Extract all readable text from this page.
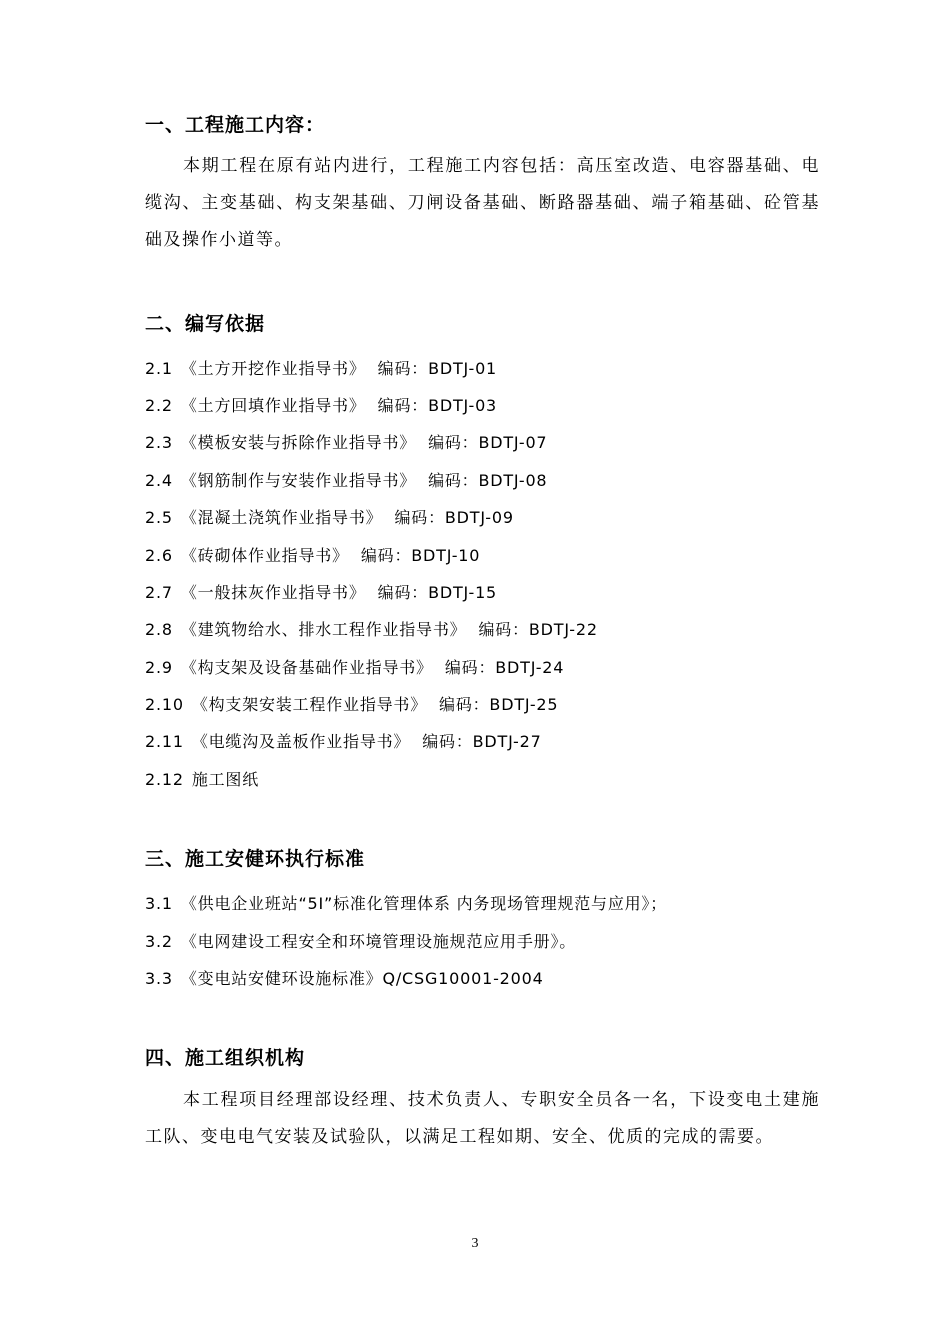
一、工程施工内容：
本期工程在原有站内进行，工程施工内容包括：高压室改造、电容器基础、电缆沟、主变基础、构支架基础、刀闸设备基础、断路器基础、端子箱基础、砼管基础及操作小道等。
二、编写依据
2.1 《土方开挖作业指导书》 编码：BDTJ-01
2.2 《土方回填作业指导书》 编码：BDTJ-03
2.3 《模板安装与拆除作业指导书》 编码：BDTJ-07
2.4 《钢筋制作与安装作业指导书》 编码：BDTJ-08
2.5 《混凝土浇筑作业指导书》 编码：BDTJ-09
2.6 《砖砌体作业指导书》 编码：BDTJ-10
2.7 《一般抹灰作业指导书》 编码：BDTJ-15
2.8 《建筑物给水、排水工程作业指导书》 编码：BDTJ-22
2.9 《构支架及设备基础作业指导书》 编码：BDTJ-24
2.10 《构支架安装工程作业指导书》 编码：BDTJ-25
2.11 《电缆沟及盖板作业指导书》 编码：BDTJ-27
2.12 施工图纸
三、施工安健环执行标准
3.1 《供电企业班站“5I”标准化管理体系 内务现场管理规范与应用》；
3.2 《电网建设工程安全和环境管理设施规范应用手册》。
3.3 《变电站安健环设施标准》Q/CSG10001-2004
四、施工组织机构
本工程项目经理部设经理、技术负责人、专职安全员各一名，下设变电土建施工队、变电电气安装及试验队，以满足工程如期、安全、优质的完成的需要。
3
